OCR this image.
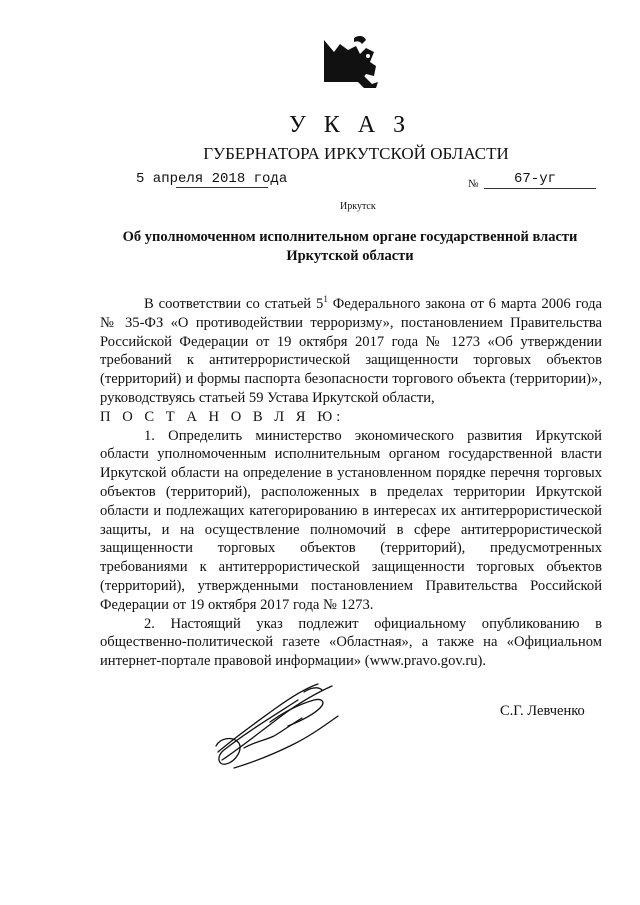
У К А З
ГУБЕРНАТОРА ИРКУТСКОЙ ОБЛАСТИ
5 апреля 2018 года	№	67-уг
Иркутск
Об уполномоченном исполнительном органе государственной власти
Иркутской области

В соответствии со статьей $5^1$ Федерального закона от 6 марта 2006 года № 35-ФЗ «О противодействии терроризму», постановлением Правительства Российской Федерации от 19 октября 2017 года № 1273 «Об утверждении требований к антитеррористической защищенности торговых объектов (территорий) и формы паспорта безопасности торгового объекта (территории)», руководствуясь статьей 59 Устава Иркутской области,

П О С Т А Н О В Л Я Ю:

1. Определить министерство экономического развития Иркутской области уполномоченным исполнительным органом государственной власти Иркутской области на определение в установленном порядке перечня торговых объектов (территорий), расположенных в пределах территории Иркутской области и подлежащих категорированию в интересах их антитеррористической защиты, и на осуществление полномочий в сфере антитеррористической защищенности торговых объектов (территорий), предусмотренных требованиями к антитеррористической защищенности торговых объектов (территорий), утвержденными постановлением Правительства Российской Федерации от 19 октября 2017 года № 1273.

2. Настоящий указ подлежит официальному опубликованию в общественно-политической газете «Областная», а также на «Официальном интернет-портале правовой информации» (www.pravo.gov.ru).

С.Г. Левченко
